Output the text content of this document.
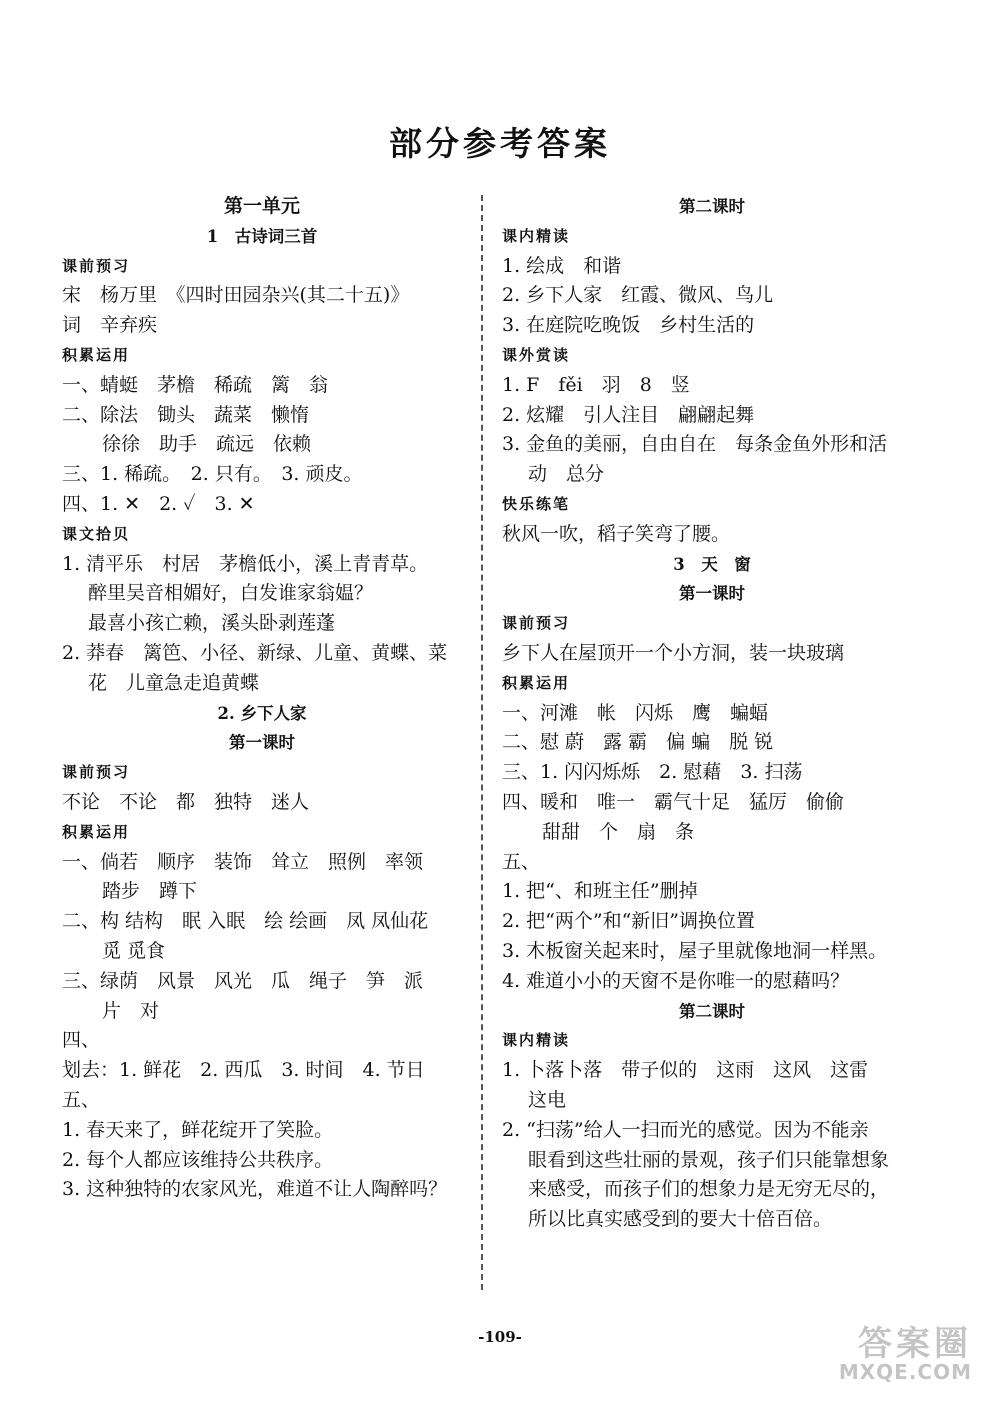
部分参考答案
第一单元
1　古诗词三首
课前预习
宋　杨万里　《四时田园杂兴(其二十五)》
词　辛弃疾
积累运用
一、蜻蜓　茅檐　稀疏　篱　翁
二、除法　锄头　蔬菜　懒惰
徐徐　助手　疏远　依赖
三、1. 稀疏。　2. 只有。　3. 顽皮。
四、1. ✕　2. ✓　3. ✕
课文拾贝
1. 清平乐　村居　茅檐低小，溪上青青草。
醉里吴音相媚好，白发谁家翁媪？
最喜小孩亡赖，溪头卧剥莲蓬
2. 莽春　篱笆、小径、新绿、儿童、黄蝶、菜
花　儿童急走追黄蝶
2. 乡下人家
第一课时
课前预习
不论　不论　都　独特　迷人
积累运用
一、倘若　顺序　装饰　耸立　照例　率领
踏步　蹲下
二、构 结构　眠 入眠　绘 绘画　凤 凤仙花
觅 觅食
三、绿荫　风景　风光　瓜　绳子　笋　派
片　对
四、
划去：1. 鲜花　2. 西瓜　3. 时间　4. 节日
五、
1. 春天来了，鲜花绽开了笑脸。
2. 每个人都应该维持公共秩序。
3. 这种独特的农家风光，难道不让人陶醉吗？
第二课时
课内精读
1. 绘成　和谐
2. 乡下人家　红霞、微风、鸟儿
3. 在庭院吃晚饭　乡村生活的
课外赏读
1. F　fěi　羽　8　竖
2. 炫耀　引人注目　翩翩起舞
3. 金鱼的美丽，自由自在　每条金鱼外形和活
动　总分
快乐练笔
秋风一吹，稻子笑弯了腰。
3　天　窗
第一课时
课前预习
乡下人在屋顶开一个小方洞，装一块玻璃
积累运用
一、河滩　帐　闪烁　鹰　蝙蝠
二、慰 蔚　露 霸　偏 蝙　脱 锐
三、1. 闪闪烁烁　2. 慰藉　3. 扫荡
四、暖和　唯一　霸气十足　猛厉　偷偷
甜甜　个　扇　条
五、
1. 把“、和班主任”删掉
2. 把“两个”和“新旧”调换位置
3. 木板窗关起来时，屋子里就像地洞一样黑。
4. 难道小小的天窗不是你唯一的慰藉吗？
第二课时
课内精读
1. 卜落卜落　带子似的　这雨　这风　这雷
这电
2. “扫荡”给人一扫而光的感觉。因为不能亲
眼看到这些壮丽的景观，孩子们只能靠想象
来感受，而孩子们的想象力是无穷无尽的，
所以比真实感受到的要大十倍百倍。
-109-	答案圈
MXQE.COM
